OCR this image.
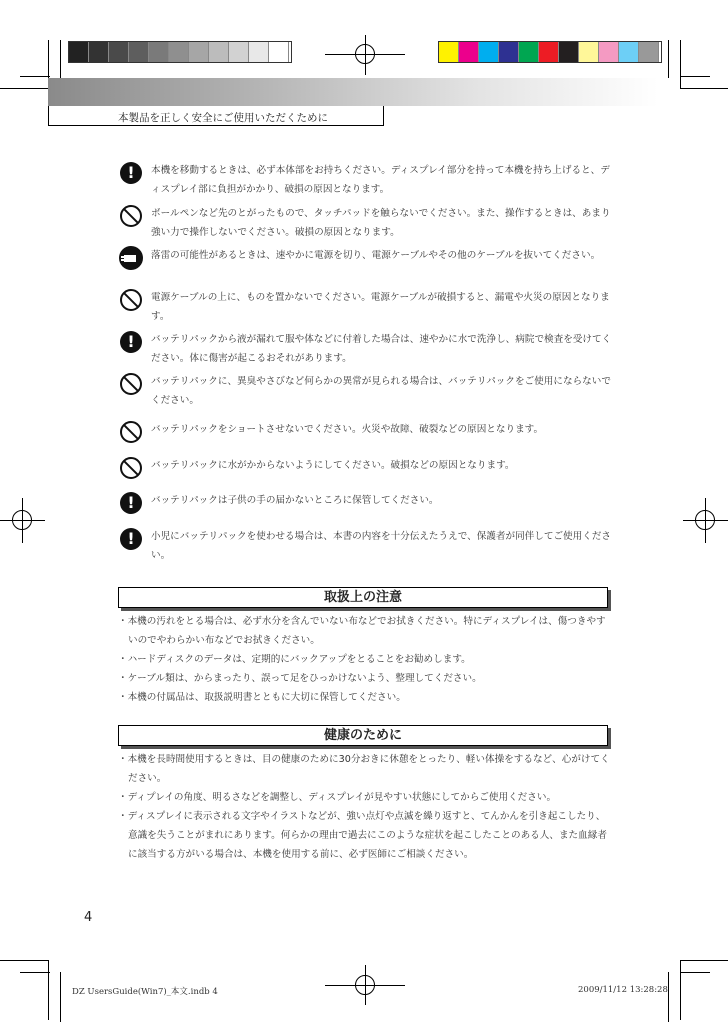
本製品を正しく安全にご使用いただくために
!	本機を移動するときは、必ず本体部をお持ちください。ディスプレイ部分を持って本機を持ち上げると、ディスプレイ部に負担がかかり、破損の原因となります。
ボールペンなど先のとがったもので、タッチパッドを触らないでください。また、操作するときは、あまり強い力で操作しないでください。破損の原因となります。
落雷の可能性があるときは、速やかに電源を切り、電源ケーブルやその他のケーブルを抜いてください。
電源ケーブルの上に、ものを置かないでください。電源ケーブルが破損すると、漏電や火災の原因となります。
!	バッテリパックから液が漏れて服や体などに付着した場合は、速やかに水で洗浄し、病院で検査を受けてください。体に傷害が起こるおそれがあります。
バッテリパックに、異臭やさびなど何らかの異常が見られる場合は、バッテリパックをご使用にならないでください。
バッテリパックをショートさせないでください。火災や故障、破裂などの原因となります。
バッテリパックに水がかからないようにしてください。破損などの原因となります。
!	バッテリパックは子供の手の届かないところに保管してください。
!	小児にバッテリパックを使わせる場合は、本書の内容を十分伝えたうえで、保護者が同伴してご使用ください。
取扱上の注意
・本機の汚れをとる場合は、必ず水分を含んでいない布などでお拭きください。特にディスプレイは、傷つきやすいのでやわらかい布などでお拭きください。
・ハードディスクのデータは、定期的にバックアップをとることをお勧めします。
・ケーブル類は、からまったり、誤って足をひっかけないよう、整理してください。
・本機の付属品は、取扱説明書とともに大切に保管してください。
健康のために
・本機を長時間使用するときは、目の健康のために30分おきに休憩をとったり、軽い体操をするなど、心がけてください。
・ディプレイの角度、明るさなどを調整し、ディスプレイが見やすい状態にしてからご使用ください。
・ディスプレイに表示される文字やイラストなどが、強い点灯や点滅を繰り返すと、てんかんを引き起こしたり、意識を失うことがまれにあります。何らかの理由で過去にこのような症状を起こしたことのある人、また血縁者に該当する方がいる場合は、本機を使用する前に、必ず医師にご相談ください。
4
DZ UsersGuide(Win7)_本文.indb 4	2009/11/12 13:28:28
